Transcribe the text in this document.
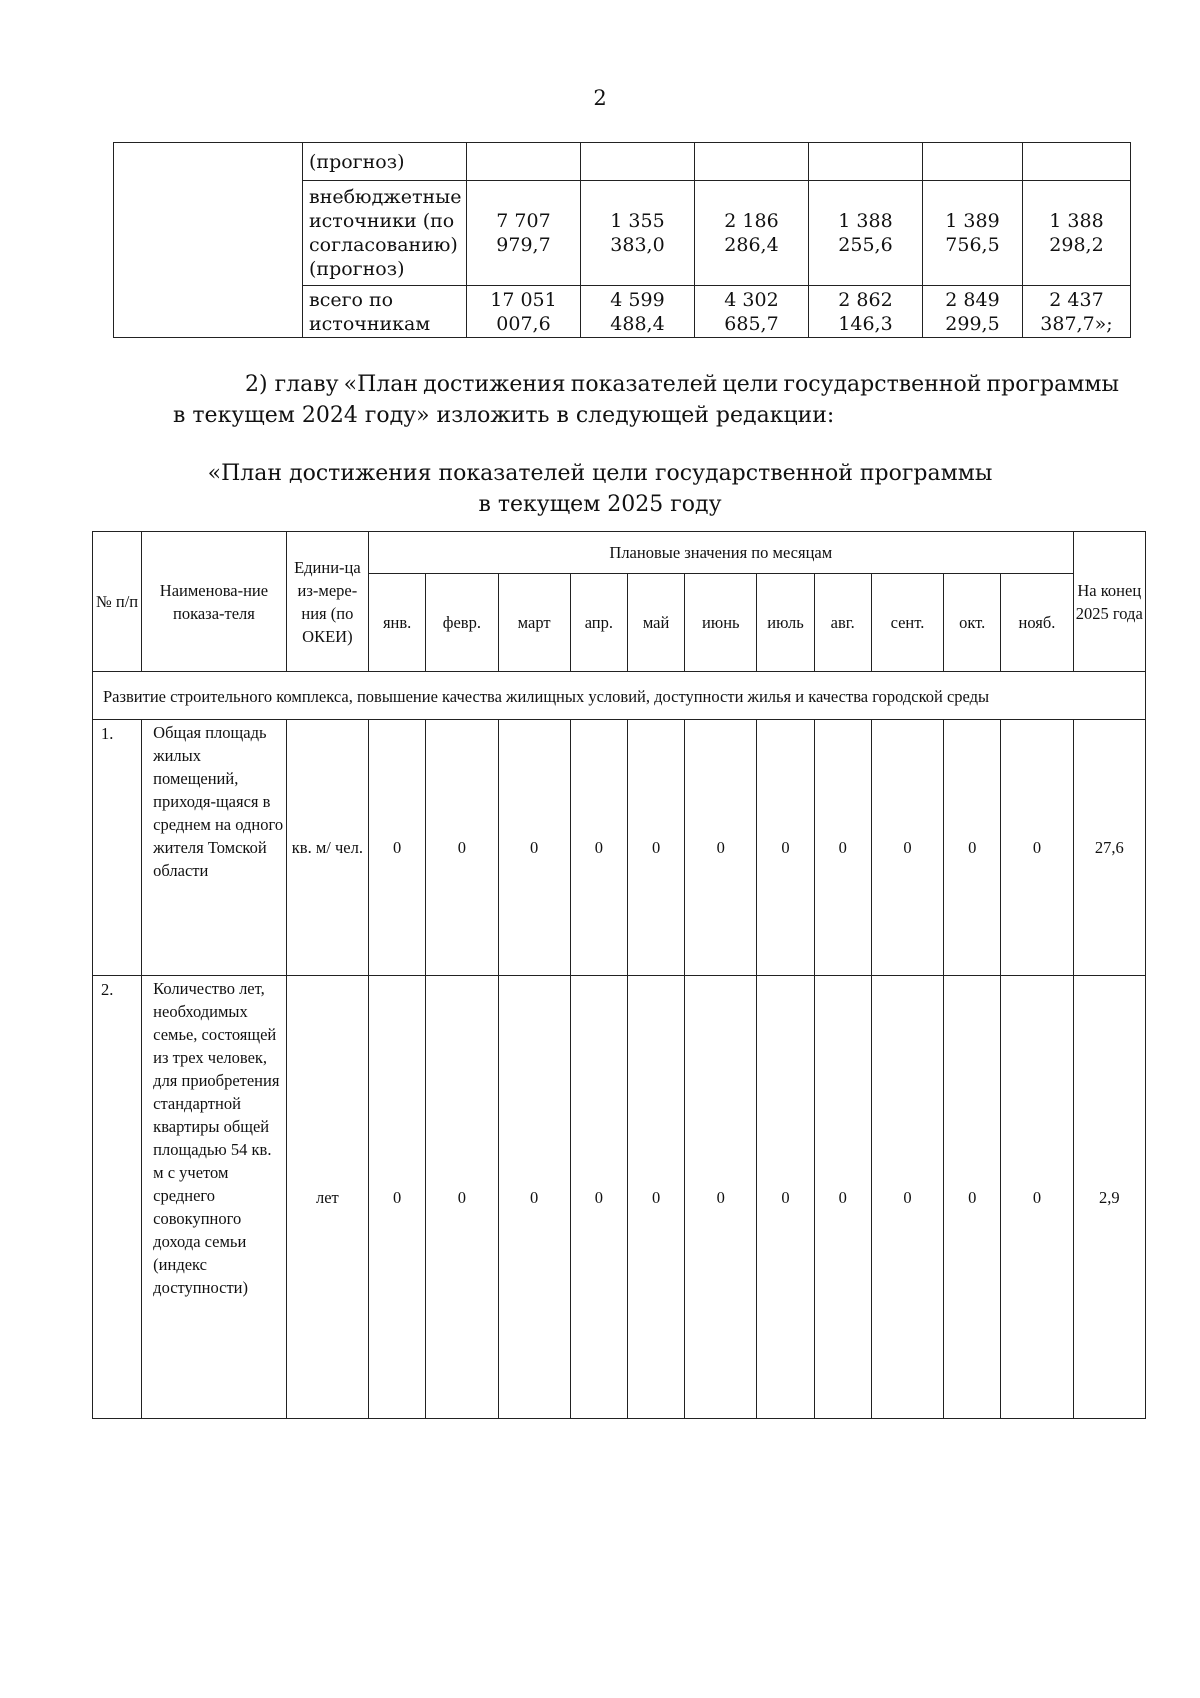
2
	(прогноз)						
	внебюджетные источники (по согласованию) (прогноз)	7 707 979,7	1 355 383,0	2 186 286,4	1 388 255,6	1 389 756,5	1 388 298,2
	всего по источникам	17 051 007,6	4 599 488,4	4 302 685,7	2 862 146,3	2 849 299,5	2 437 387,7»;
2) главу «План достижения показателей цели государственной программы
в текущем 2024 году» изложить в следующей редакции:
«План достижения показателей цели государственной программы
в текущем 2025 году
№ п/п	Наименова-ние показа-теля	Едини-ца из-мере-ния (по ОКЕИ)	Плановые значения по месяцам											На конец 2025 года
			янв.	февр.	март	апр.	май	июнь	июль	авг.	сент.	окт.	нояб.	
Развитие строительного комплекса, повышение качества жилищных условий, доступности жилья и качества городской среды														
1.	Общая площадь жилых помещений, приходя-щаяся в среднем на одного жителя Томской области	кв. м/ чел.	0	0	0	0	0	0	0	0	0	0	0	27,6
2.	Количество лет, необходимых семье, состоящей из трех человек, для приобретения стандартной квартиры общей площадью 54 кв. м с учетом среднего совокупного дохода семьи (индекс доступности)	лет	0	0	0	0	0	0	0	0	0	0	0	2,9
